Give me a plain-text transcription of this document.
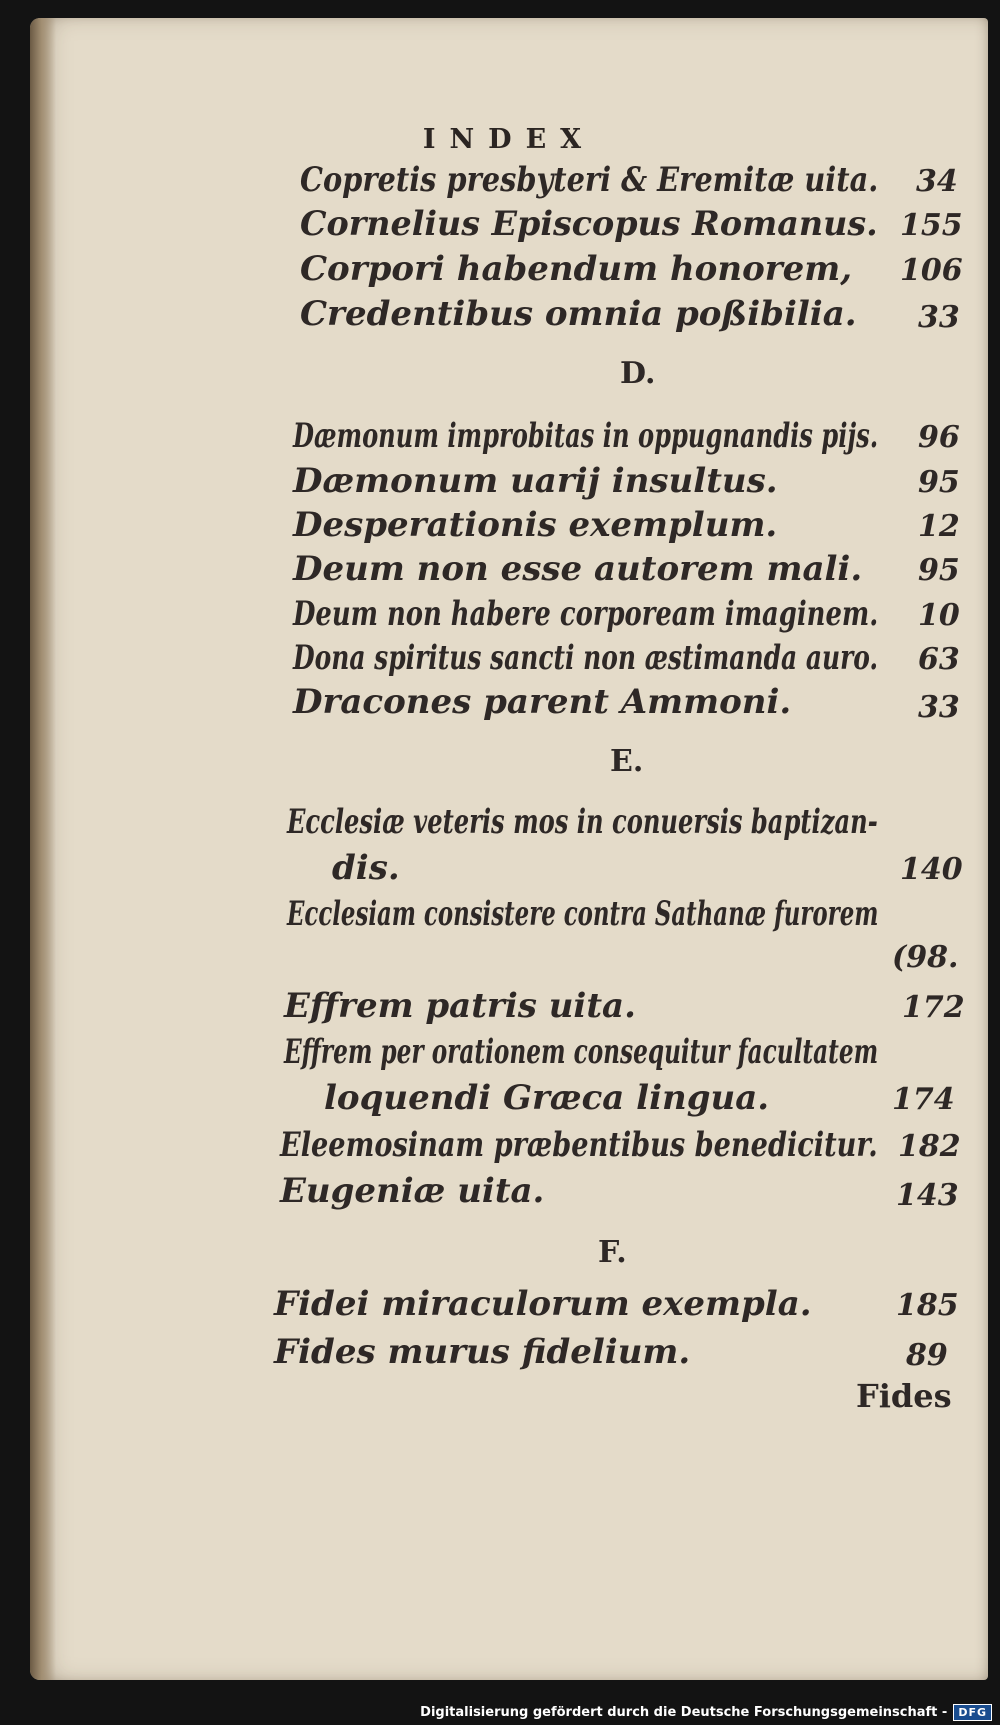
INDEX
Copretis presbyteri & Eremitæ uita. 34
Cornelius Episcopus Romanus. 155
Corpori habendum honorem, 106
Credentibus omnia poßibilia. 33
D.
Dæmonum improbitas in oppugnandis pijs. 96
Dæmonum uarij insultus.	95
Desperationis exemplum.	12
Deum non esse autorem mali. 95
Deum non habere corpoream imaginem. 10
Dona spiritus sancti non æstimanda auro. 63
Dracones parent Ammoni.	33
E.
Ecclesiæ veteris mos in conuersis baptizan-
dis.	140
Ecclesiam consistere contra Sathanæ furorem
(98.
Effrem patris uita.	172
Effrem per orationem consequitur facultatem
loquendi Græca lingua.	174
Eleemosinam præbentibus benedicitur. 182
Eugeniæ uita.	143
F.
Fidei miraculorum exempla.	185
Fides murus fidelium.	89
Fides
Digitalisierung gefördert durch die Deutsche Forschungsgemeinschaft -	DFG
